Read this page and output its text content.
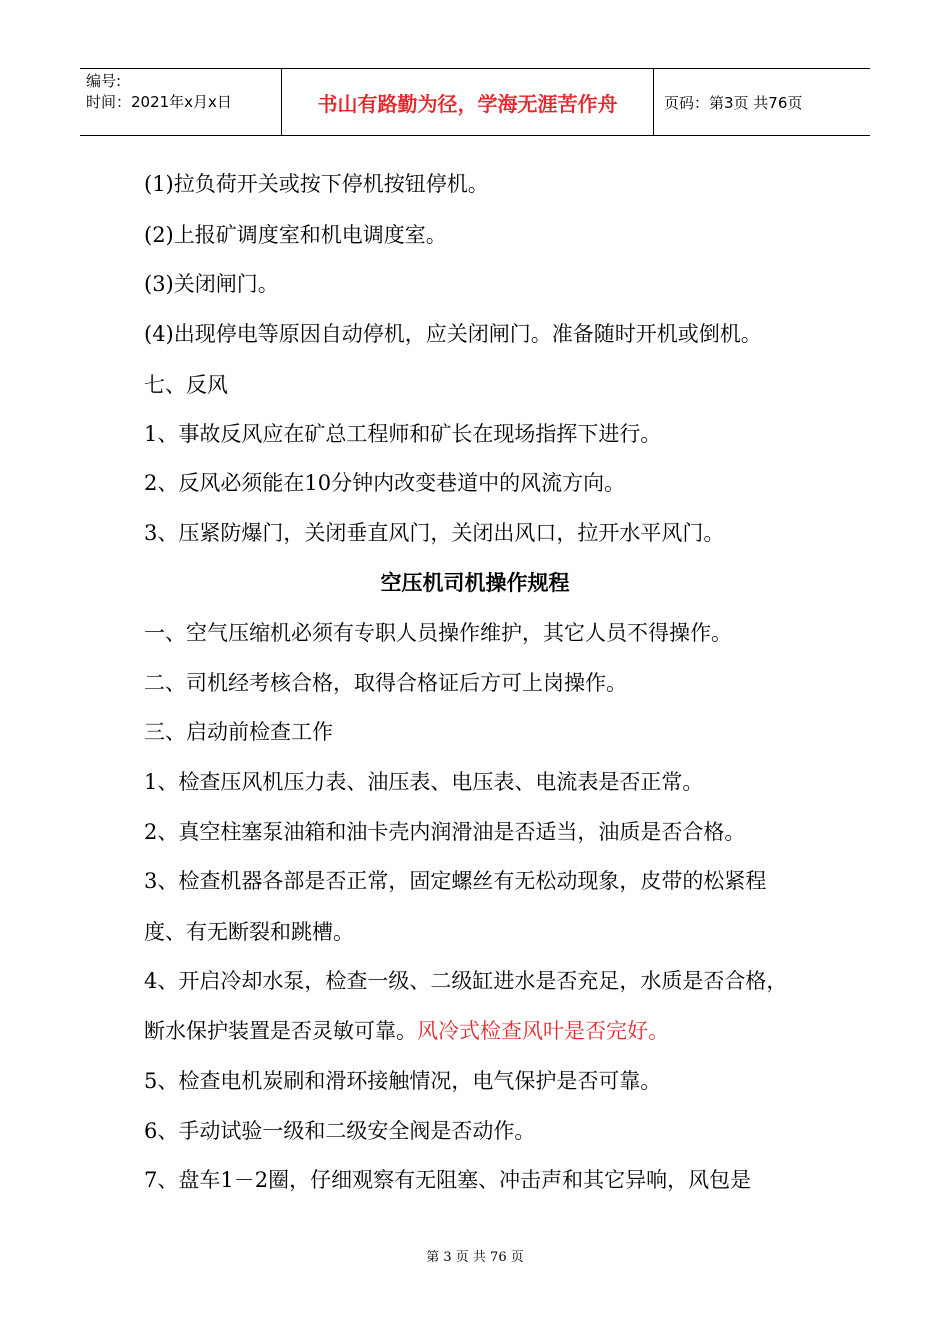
编号:
时间：2021年x月x日	书山有路勤为径，学海无涯苦作舟	页码：第3页 共76页
(1)拉负荷开关或按下停机按钮停机。
(2)上报矿调度室和机电调度室。
(3)关闭闸门。
(4)出现停电等原因自动停机，应关闭闸门。准备随时开机或倒机。
七、反风
1、事故反风应在矿总工程师和矿长在现场指挥下进行。
2、反风必须能在10分钟内改变巷道中的风流方向。
3、压紧防爆门，关闭垂直风门，关闭出风口，拉开水平风门。
空压机司机操作规程
一、空气压缩机必须有专职人员操作维护，其它人员不得操作。
二、司机经考核合格，取得合格证后方可上岗操作。
三、启动前检查工作
1、检查压风机压力表、油压表、电压表、电流表是否正常。
2、真空柱塞泵油箱和油卡壳内润滑油是否适当，油质是否合格。
3、检查机器各部是否正常，固定螺丝有无松动现象，皮带的松紧程
度、有无断裂和跳槽。
4、开启冷却水泵，检查一级、二级缸进水是否充足，水质是否合格，
断水保护装置是否灵敏可靠。风冷式检查风叶是否完好。
5、检查电机炭刷和滑环接触情况，电气保护是否可靠。
6、手动试验一级和二级安全阀是否动作。
7、盘车1－2圈，仔细观察有无阻塞、冲击声和其它异响，风包是
第 3 页 共 76 页
